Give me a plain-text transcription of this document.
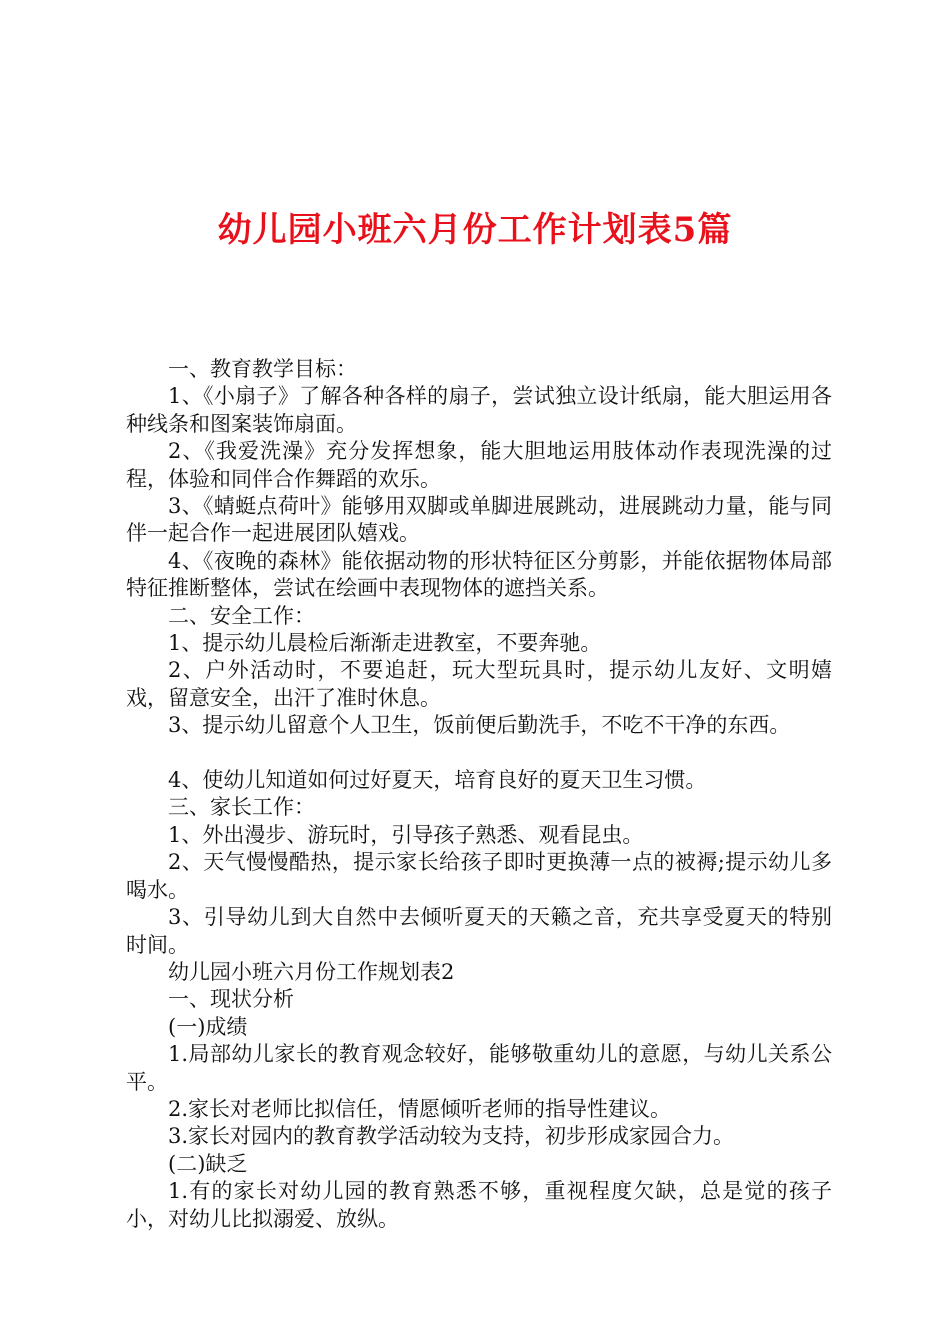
幼儿园小班六月份工作计划表5篇

一、教育教学目标：

1、《小扇子》了解各种各样的扇子，尝试独立设计纸扇，能大胆运用各种线条和图案装饰扇面。

2、《我爱洗澡》充分发挥想象，能大胆地运用肢体动作表现洗澡的过程，体验和同伴合作舞蹈的欢乐。

3、《蜻蜓点荷叶》能够用双脚或单脚进展跳动，进展跳动力量，能与同伴一起合作一起进展团队嬉戏。

4、《夜晚的森林》能依据动物的形状特征区分剪影，并能依据物体局部特征推断整体，尝试在绘画中表现物体的遮挡关系。

二、安全工作：

1、提示幼儿晨检后渐渐走进教室，不要奔驰。

2、户外活动时，不要追赶，玩大型玩具时，提示幼儿友好、文明嬉戏，留意安全，出汗了准时休息。

3、提示幼儿留意个人卫生，饭前便后勤洗手，不吃不干净的东西。

4、使幼儿知道如何过好夏天，培育良好的夏天卫生习惯。

三、家长工作：

1、外出漫步、游玩时，引导孩子熟悉、观看昆虫。

2、天气慢慢酷热，提示家长给孩子即时更换薄一点的被褥;提示幼儿多喝水。

3、引导幼儿到大自然中去倾听夏天的天籁之音，充共享受夏天的特别时间。

幼儿园小班六月份工作规划表2

一、现状分析

(一)成绩

1.局部幼儿家长的教育观念较好，能够敬重幼儿的意愿，与幼儿关系公平。

2.家长对老师比拟信任，情愿倾听老师的指导性建议。

3.家长对园内的教育教学活动较为支持，初步形成家园合力。

(二)缺乏

1.有的家长对幼儿园的教育熟悉不够，重视程度欠缺，总是觉的孩子小，对幼儿比拟溺爱、放纵。
